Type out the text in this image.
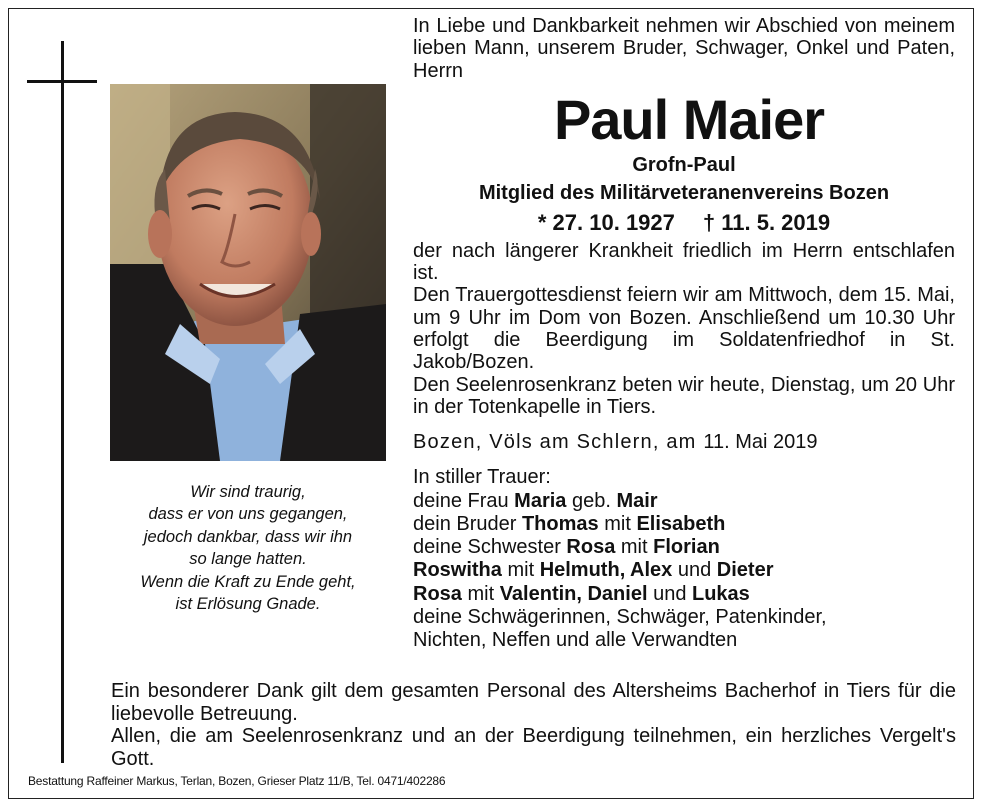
Wir sind traurig,
dass er von uns gegangen,
jedoch dankbar, dass wir ihn
so lange hatten.
Wenn die Kraft zu Ende geht,
ist Erlösung Gnade.

In Liebe und Dankbarkeit nehmen wir Abschied von meinem lieben Mann, unserem Bruder, Schwager, Onkel und Paten, Herrn

Paul Maier
Grofn-Paul
Mitglied des Militärveteranenvereins Bozen
* 27. 10. 1927 † 11. 5. 2019

der nach längerer Krankheit friedlich im Herrn entschlafen ist.

Den Trauergottesdienst feiern wir am Mittwoch, dem 15. Mai, um 9 Uhr im Dom von Bozen. Anschließend um 10.30 Uhr erfolgt die Beerdigung im Soldatenfriedhof in St. Jakob/Bozen.

Den Seelenrosenkranz beten wir heute, Dienstag, um 20 Uhr in der Totenkapelle in Tiers.

Bozen, Völs am Schlern, am 11. Mai 2019
In stiller Trauer:
deine Frau Maria geb. Mair
dein Bruder Thomas mit Elisabeth
deine Schwester Rosa mit Florian
Roswitha mit Helmuth, Alex und Dieter
Rosa mit Valentin, Daniel und Lukas
deine Schwägerinnen, Schwäger, Patenkinder,
Nichten, Neffen und alle Verwandten

Ein besonderer Dank gilt dem gesamten Personal des Altersheims Bacherhof in Tiers für die liebevolle Betreuung.

Allen, die am Seelenrosenkranz und an der Beerdigung teilnehmen, ein herzliches Vergelt's Gott.

Bestattung Raffeiner Markus, Terlan, Bozen, Grieser Platz 11/B, Tel. 0471/402286
